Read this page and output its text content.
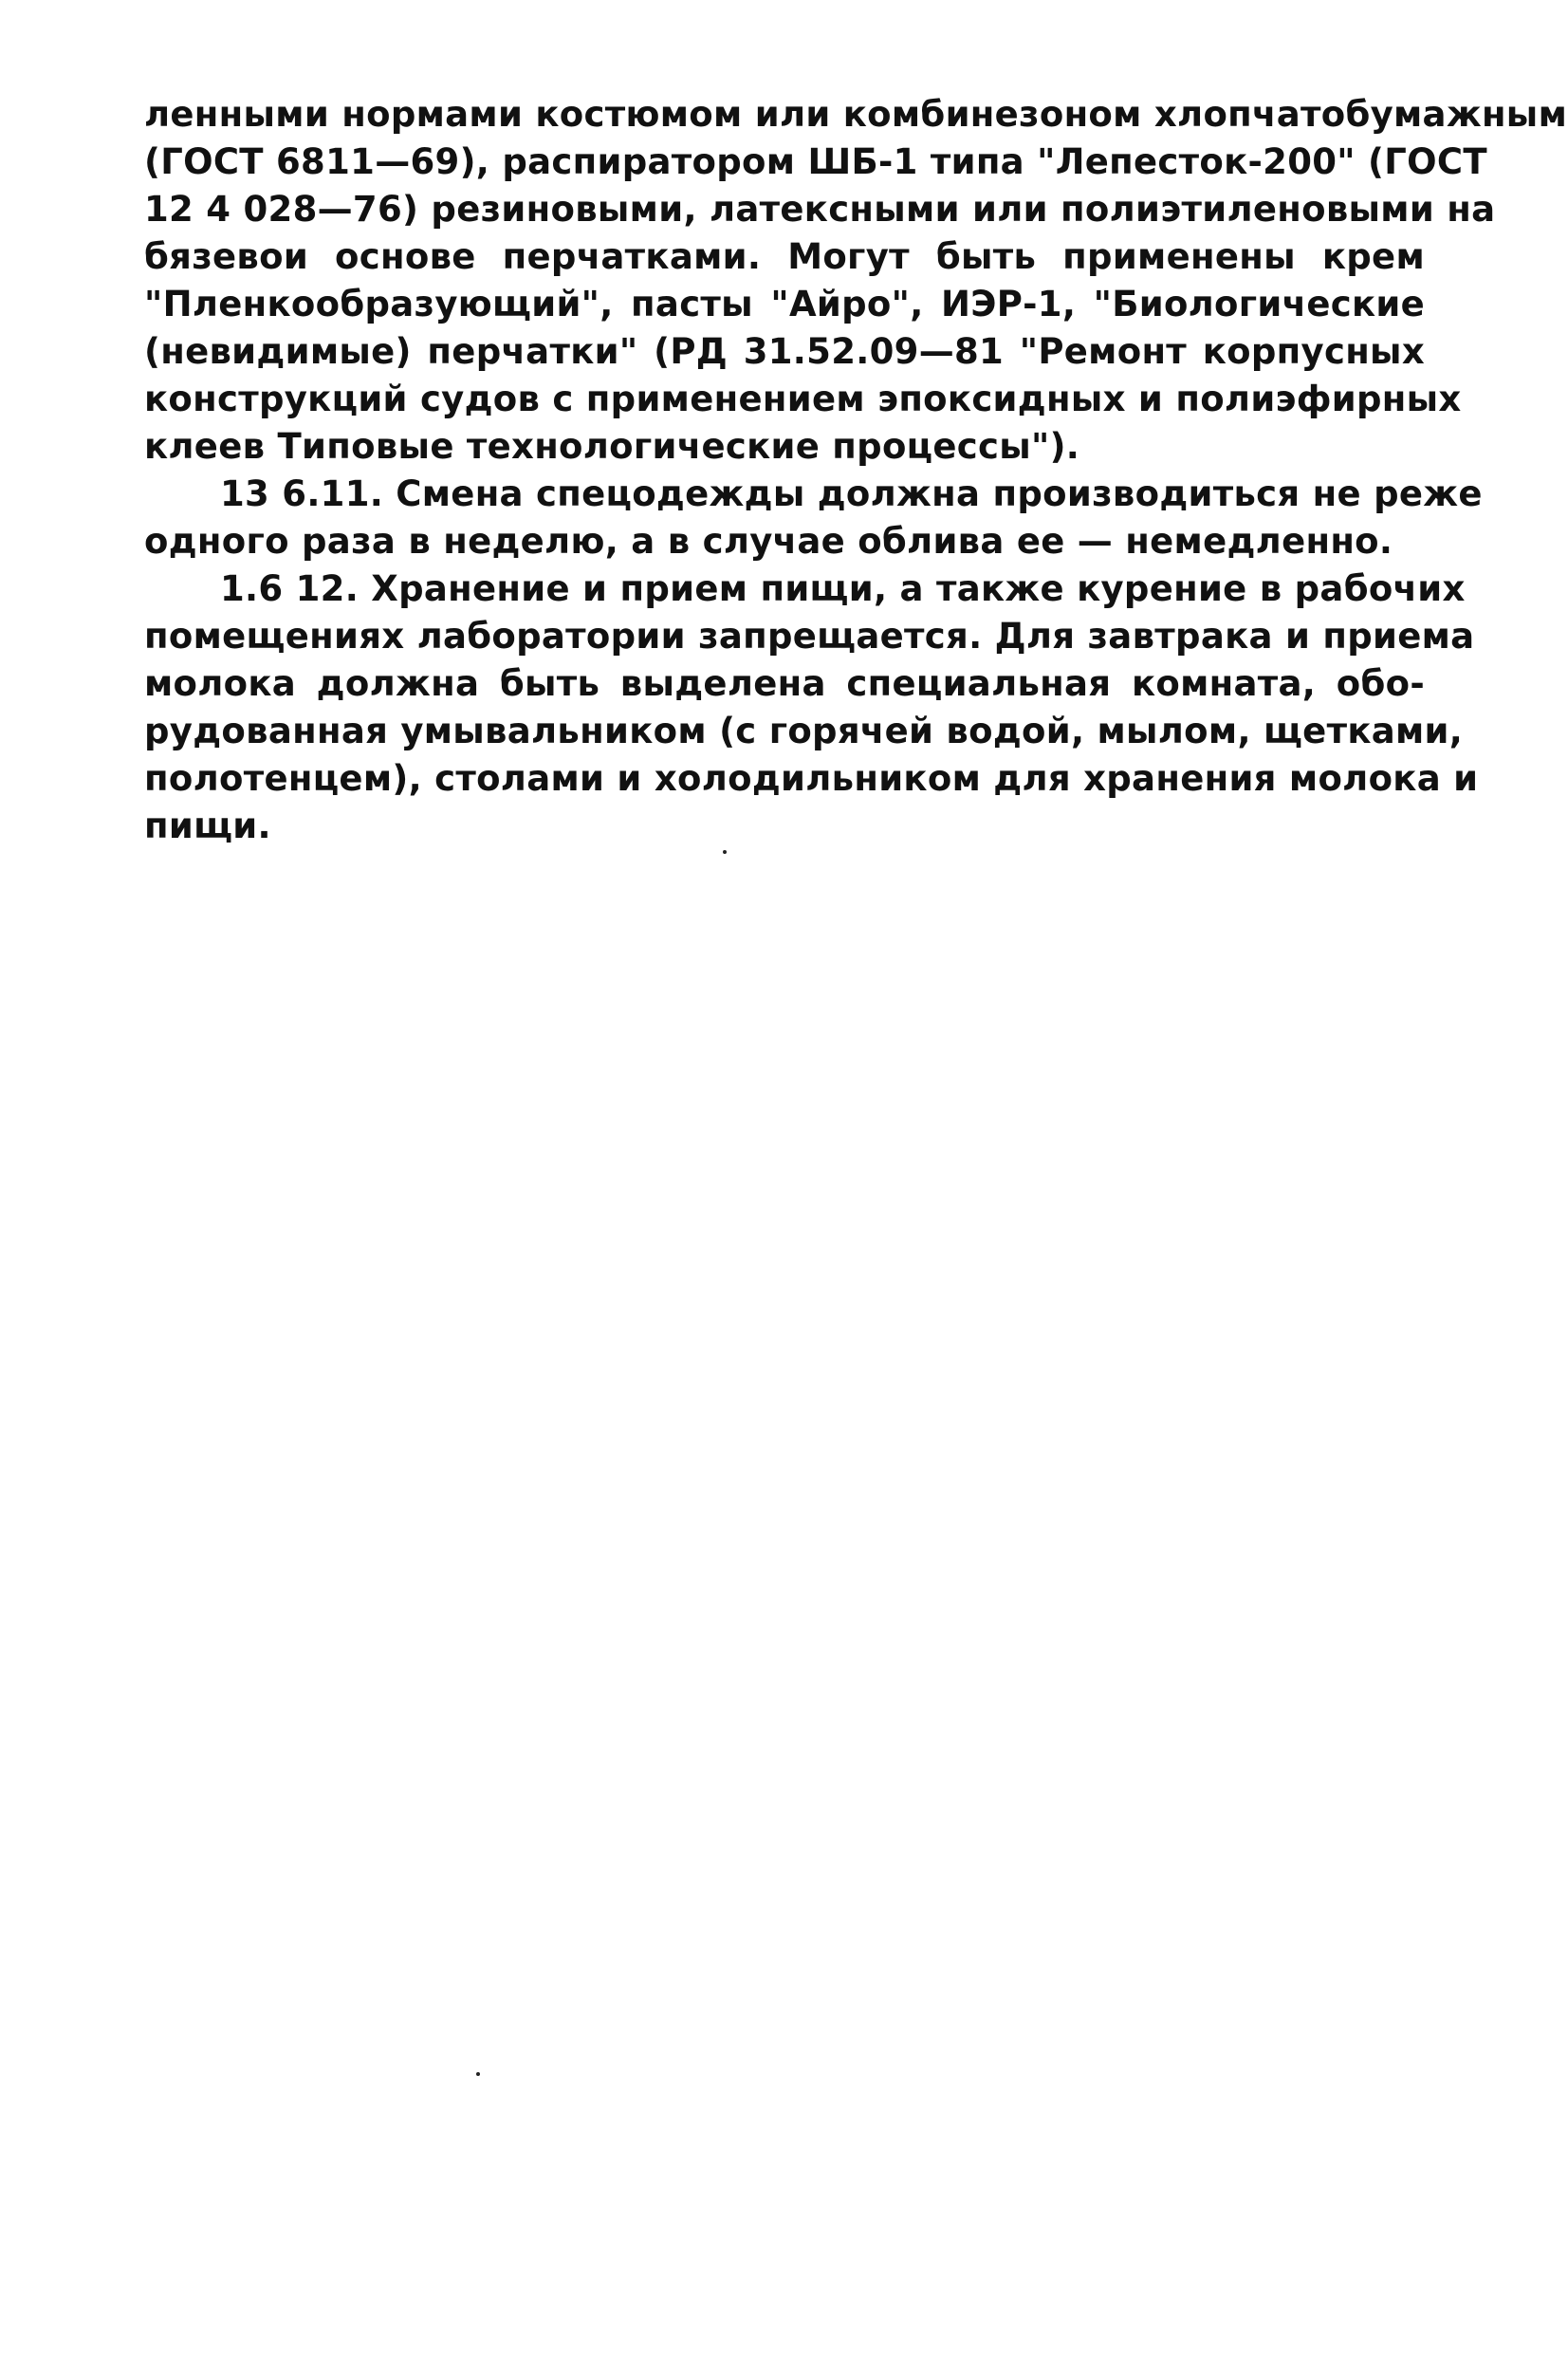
ленными нормами костюмом или комбинезоном хлопчатобумажным
(ГОСТ 6811—69), распиратором ШБ-1 типа "Лепесток-200" (ГОСТ
12 4 028—76) резиновыми, латексными или полиэтиленовыми на
бязевои основе перчатками. Могут быть применены крем
"Пленкообразующий", пасты "Айро", ИЭР-1, "Биологические
(невидимые) перчатки" (РД 31.52.09—81 "Ремонт корпусных
конструкций судов с применением эпоксидных и полиэфирных
клеев Типовые технологические процессы").

13 6.11. Смена спецодежды должна производиться не реже
одного раза в неделю, а в случае облива ее — немедленно.

1.6 12. Хранение и прием пищи, а также курение в рабочих
помещениях лаборатории запрещается. Для завтрака и приема
молока должна быть выделена специальная комната, обо-
рудованная умывальником (с горячей водой, мылом, щетками,
полотенцем), столами и холодильником для хранения молока и
пищи.
